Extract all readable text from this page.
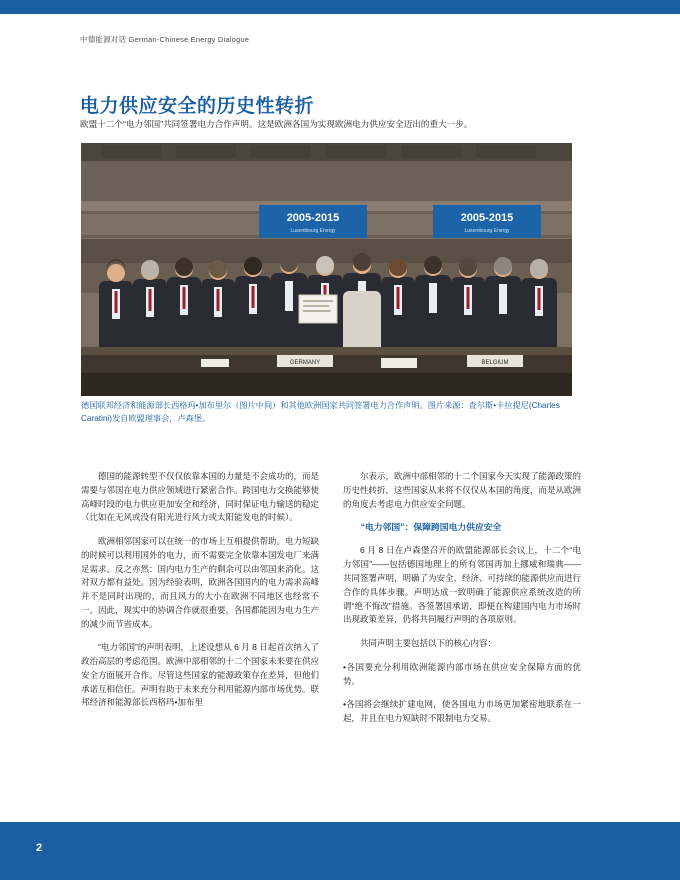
中德能源对话 German-Chinese Energy Dialogue
电力供应安全的历史性转折
欧盟十二个“电力邻国”共同签署电力合作声明。这是欧洲各国为实现欧洲电力供应安全迈出的重大一步。
2005-2015
Luxembourg Energy
2005-2015
Luxembourg Energy
GERMANY	BELGIUM
德国联邦经济和能源部长西格玛•加布里尔（图片中间）和其他欧洲国家共同签署电力合作声明。图片来源：查尔斯•卡拉提尼(Charles Caratini)发自欧盟理事会，卢森堡。

德国的能源转型不仅仅依靠本国的力量是不会成功的，而是需要与邻国在电力供应领域进行紧密合作。跨国电力交换能够使高峰时段的电力供应更加安全和经济，同时保证电力输送的稳定（比如在无风或没有阳光进行风力或太阳能发电的时候）。

欧洲相邻国家可以在统一的市场上互相提供帮助。电力短缺的时候可以利用国外的电力，而不需要完全依靠本国发电厂来满足需求。反之亦然：国内电力生产的剩余可以由邻国来消化。这对双方都有益处。因为经验表明，欧洲各国国内的电力需求高峰并不是同时出现的，而且风力的大小在欧洲不同地区也经常不一。因此，现实中的协调合作就很重要，各国都能因为电力生产的减少而节省成本。

“电力邻国”的声明表明，上述设想从 6 月 8 日起首次纳入了政治高层的考虑范围。欧洲中部相邻的十二个国家未来要在供应安全方面展开合作。尽管这些国家的能源政策存在差异，但他们承诺互相信任。声明有助于未来充分利用能源内部市场优势。联邦经济和能源部长西格玛•加布里

尔表示，欧洲中部相邻的十二个国家今天实现了能源政策的历史性转折，这些国家从来将不仅仅从本国的角度，而是从欧洲的角度去考虑电力供应安全问题。

“电力邻国”：保障跨国电力供应安全

6 月 8 日在卢森堡召开的欧盟能源部长会议上，十二个“电力邻国”——包括德国地理上的所有邻国再加上挪威和瑞典——共同签署声明，明确了为安全、经济、可持续的能源供应而进行合作的具体步骤。声明达成一致明确了能源供应系统改造的所谓“绝不悔改”措施。各签署国承诺，即便在构建国内电力市场时出现政策差异，仍将共同履行声明的各项原则。

共同声明主要包括以下的核心内容：

•各国要充分利用欧洲能源内部市场在供应安全保障方面的优势。

•各国将会继续扩建电网，使各国电力市场更加紧密地联系在一起，并且在电力短缺时不限制电力交易。

2
